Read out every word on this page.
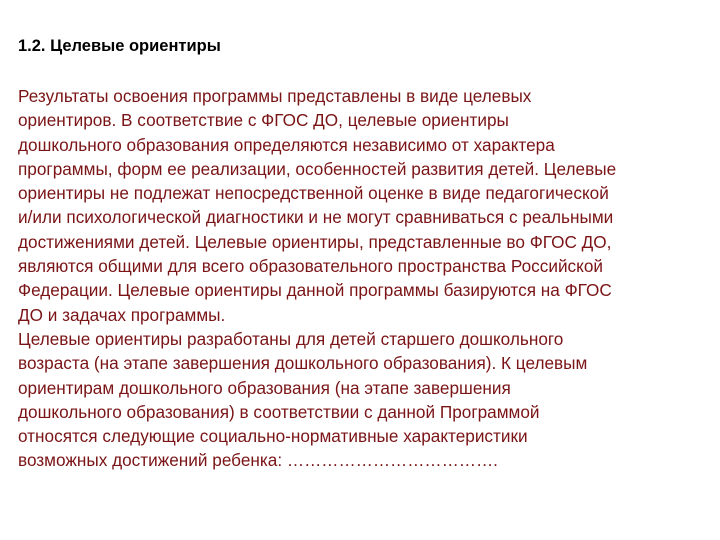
1.2. Целевые ориентиры
Результаты освоения программы представлены в виде целевых
ориентиров. В соответствие с ФГОС ДО, целевые ориентиры
дошкольного образования определяются независимо от характера
программы, форм ее реализации, особенностей развития детей. Целевые
ориентиры не подлежат непосредственной оценке в виде педагогической
и/или психологической диагностики и не могут сравниваться с реальными
достижениями детей. Целевые ориентиры, представленные во ФГОС ДО,
являются общими для всего образовательного пространства Российской
Федерации. Целевые ориентиры данной программы базируются на ФГОС
ДО и задачах программы.
Целевые ориентиры разработаны для детей старшего дошкольного
возраста (на этапе завершения дошкольного образования). К целевым
ориентирам дошкольного образования (на этапе завершения
дошкольного образования) в соответствии с данной Программой
относятся следующие социально-нормативные характеристики
возможных достижений ребенка: ……………………………….
